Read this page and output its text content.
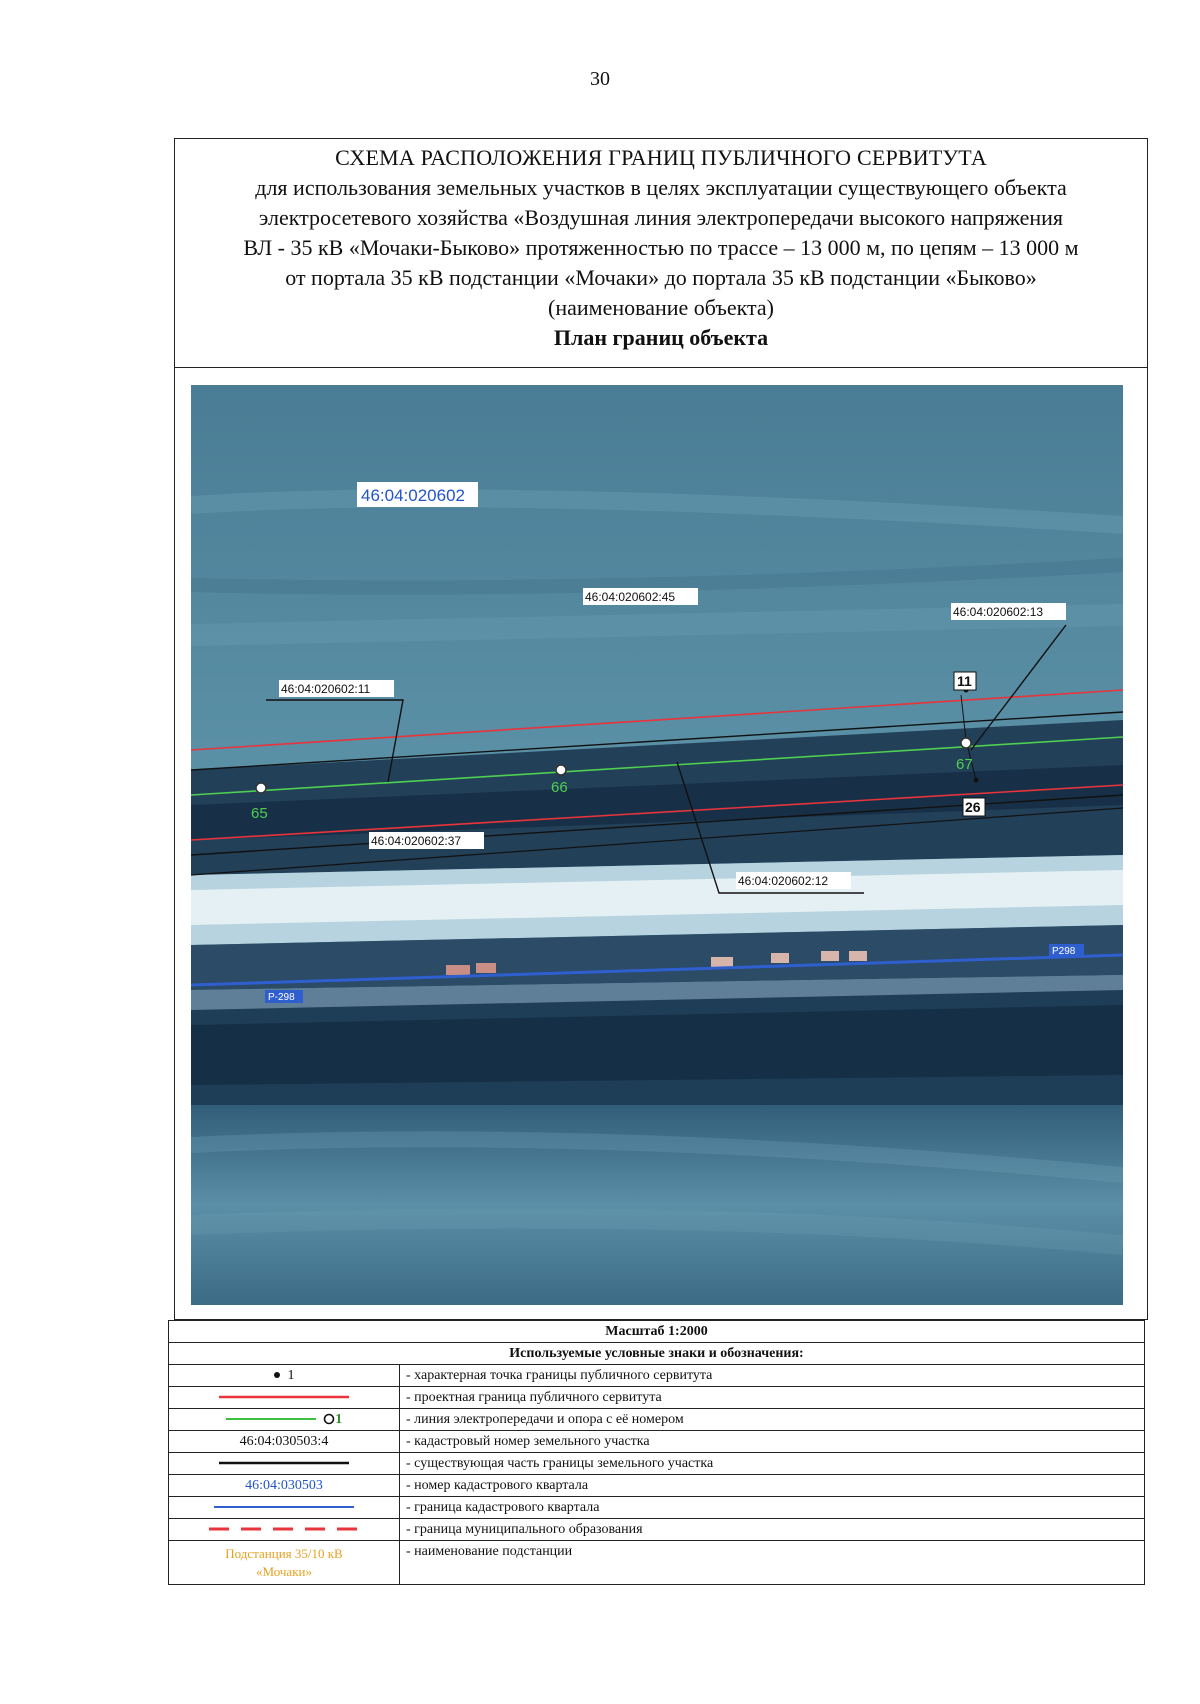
30
СХЕМА РАСПОЛОЖЕНИЯ ГРАНИЦ ПУБЛИЧНОГО СЕРВИТУТА
для использования земельных участков в целях эксплуатации существующего объекта
электросетевого хозяйства «Воздушная линия электропередачи высокого напряжения
ВЛ - 35 кВ «Мочаки-Быково» протяженностью по трассе – 13 000 м, по цепям – 13 000 м
от портала 35 кВ подстанции «Мочаки» до портала 35 кВ подстанции «Быково»
(наименование объекта)
План границ объекта
65
66
67
11
26
46:04:020602
46:04:020602:45
46:04:020602:13
46:04:020602:11
46:04:020602:37
46:04:020602:12
Р-298
Р298
Масштаб 1:2000	
Используемые условные знаки и обозначения:	
1	- характерная точка границы публичного сервитута
	- проектная граница публичного сервитута
1	- линия электропередачи и опора с её номером
46:04:030503:4	- кадастровый номер земельного участка
	- существующая часть границы земельного участка
46:04:030503	- номер кадастрового квартала
	- граница кадастрового квартала
	- граница муниципального образования
Подстанция 35/10 кВ
«Мочаки»	- наименование подстанции
